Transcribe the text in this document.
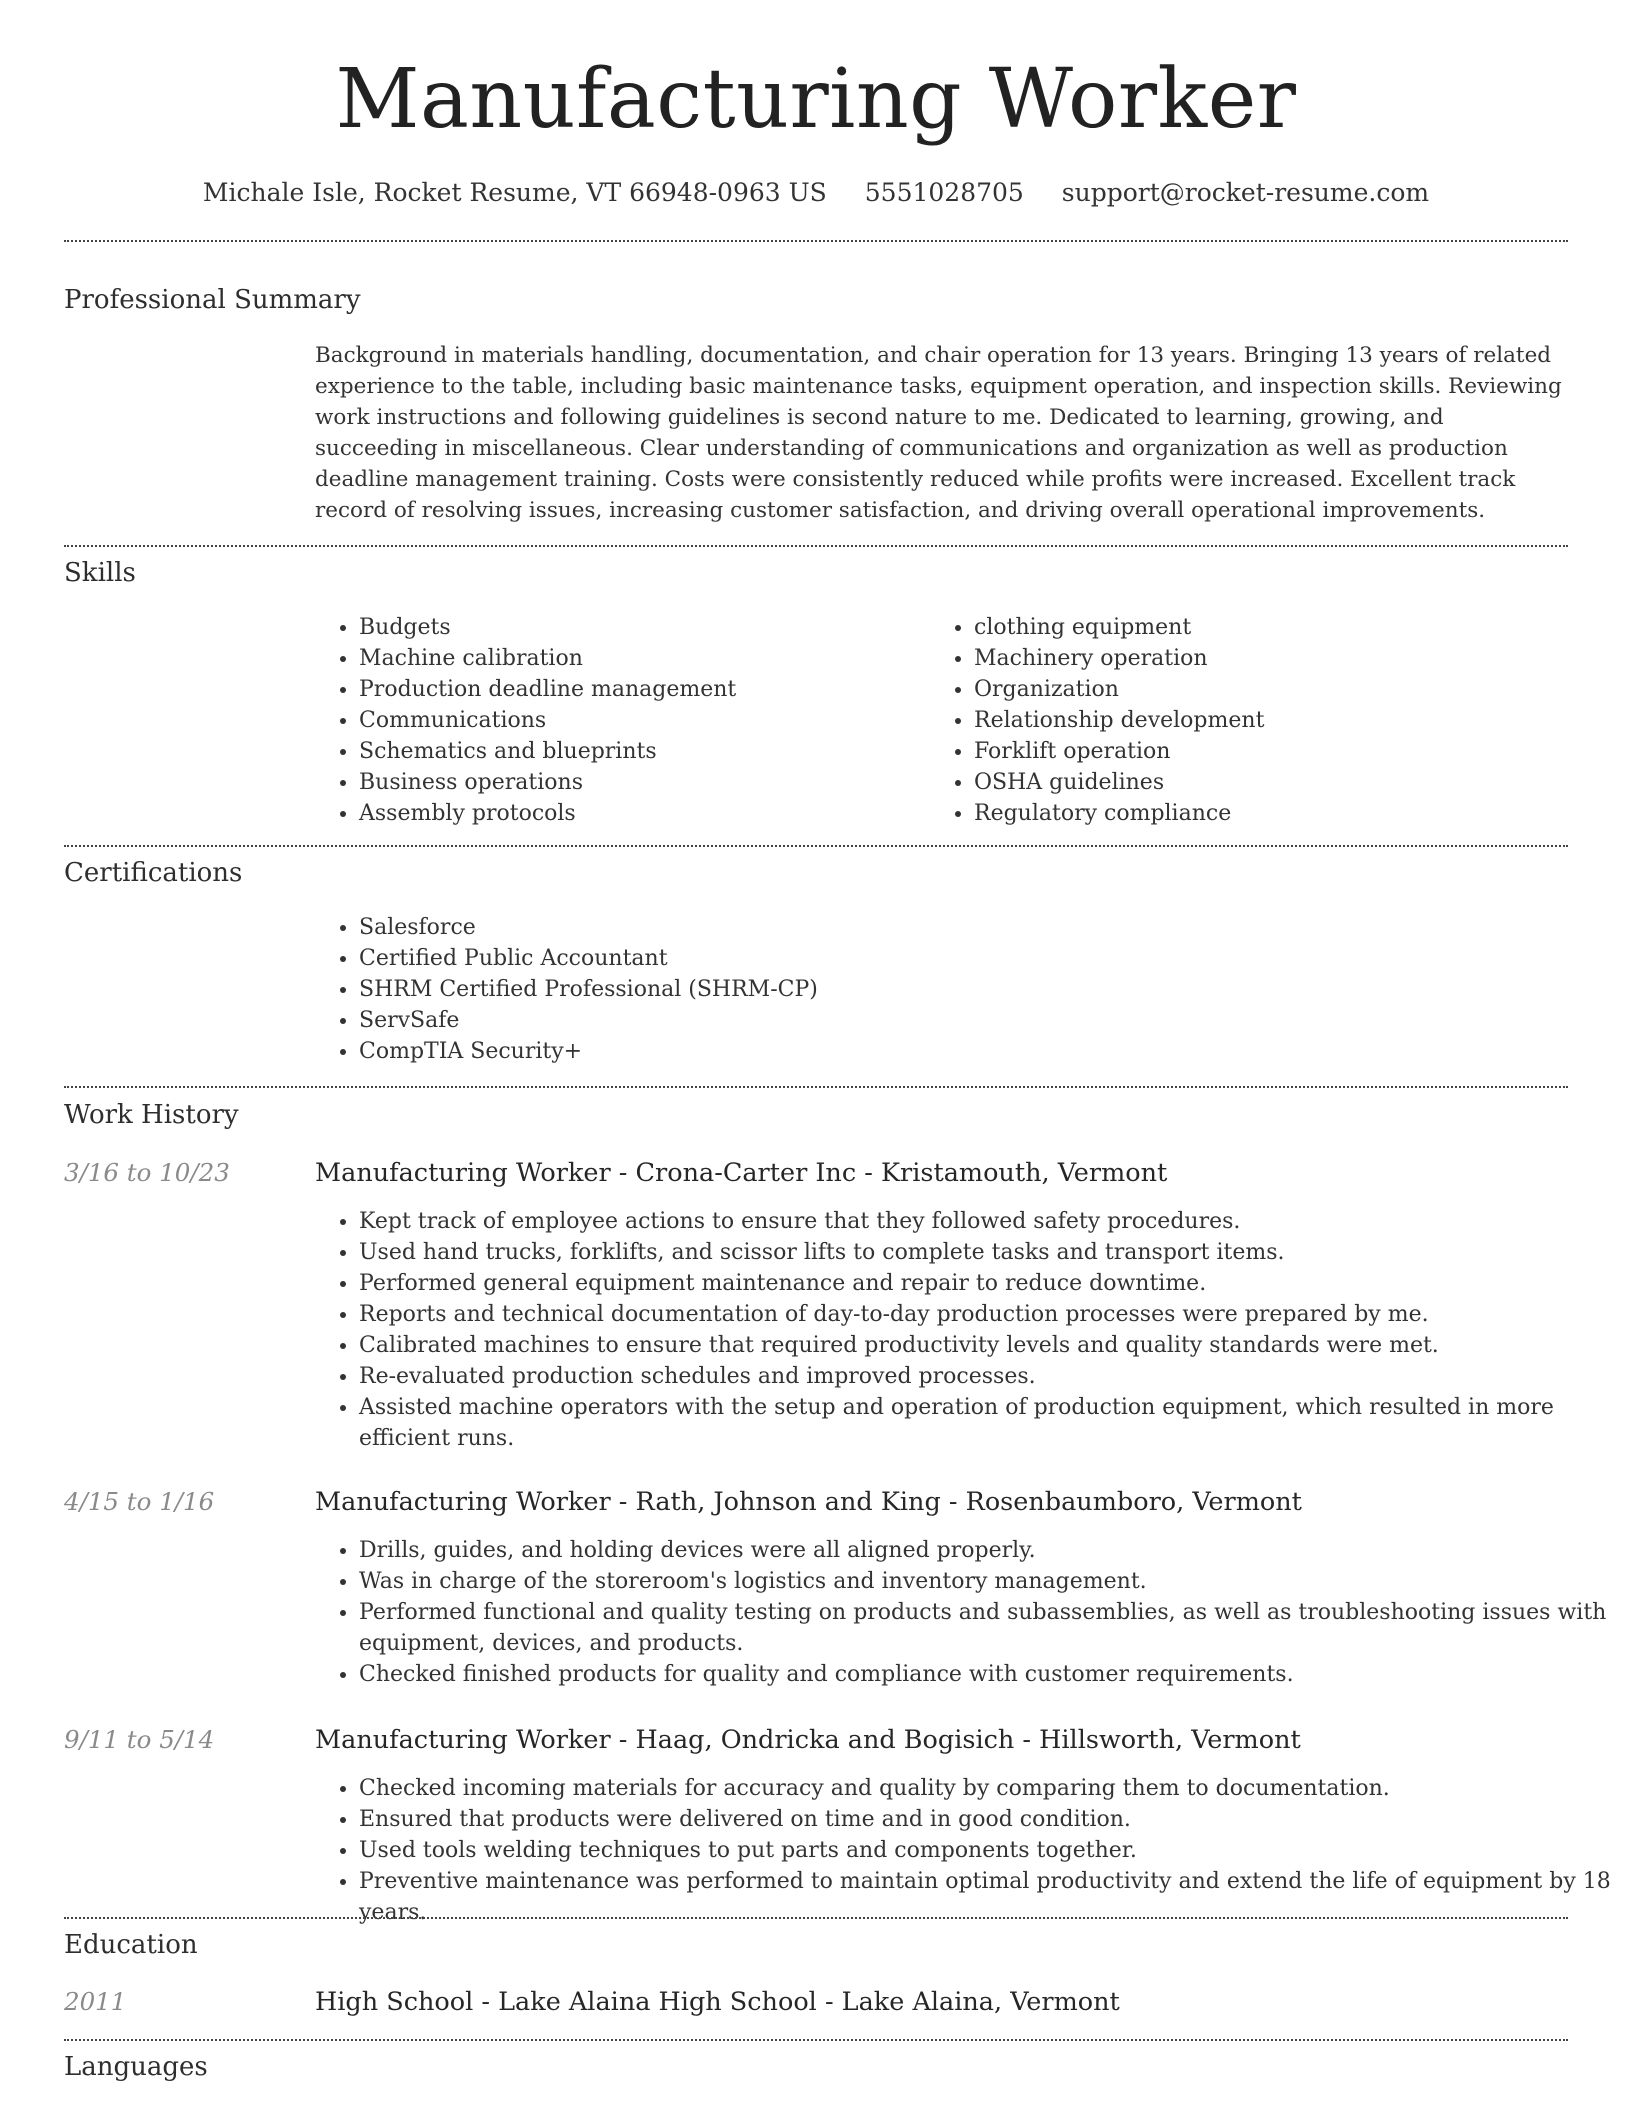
Manufacturing Worker
Michale Isle, Rocket Resume, VT 66948-0963 US 5551028705 support@rocket-resume.com
Professional Summary

Background in materials handling, documentation, and chair operation for 13 years. Bringing 13 years of related experience to the table, including basic maintenance tasks, equipment operation, and inspection skills. Reviewing work instructions and following guidelines is second nature to me. Dedicated to learning, growing, and succeeding in miscellaneous. Clear understanding of communications and organization as well as production deadline management training. Costs were consistently reduced while profits were increased. Excellent track record of resolving issues, increasing customer satisfaction, and driving overall operational improvements.

Skills
• Budgets
• Machine calibration
• Production deadline management
• Communications
• Schematics and blueprints
• Business operations
• Assembly protocols
• clothing equipment
• Machinery operation
• Organization
• Relationship development
• Forklift operation
• OSHA guidelines
• Regulatory compliance
Certifications
• Salesforce
• Certified Public Accountant
• SHRM Certified Professional (SHRM-CP)
• ServSafe
• CompTIA Security+
Work History
3/16 to 10/23	Manufacturing Worker - Crona-Carter Inc - Kristamouth, Vermont
• Kept track of employee actions to ensure that they followed safety procedures.
• Used hand trucks, forklifts, and scissor lifts to complete tasks and transport items.
• Performed general equipment maintenance and repair to reduce downtime.
• Reports and technical documentation of day-to-day production processes were prepared by me.
• Calibrated machines to ensure that required productivity levels and quality standards were met.
• Re-evaluated production schedules and improved processes.
• Assisted machine operators with the setup and operation of production equipment, which resulted in more efficient runs.
4/15 to 1/16	Manufacturing Worker - Rath, Johnson and King - Rosenbaumboro, Vermont
• Drills, guides, and holding devices were all aligned properly.
• Was in charge of the storeroom's logistics and inventory management.
• Performed functional and quality testing on products and subassemblies, as well as troubleshooting issues with equipment, devices, and products.
• Checked finished products for quality and compliance with customer requirements.
9/11 to 5/14	Manufacturing Worker - Haag, Ondricka and Bogisich - Hillsworth, Vermont
• Checked incoming materials for accuracy and quality by comparing them to documentation.
• Ensured that products were delivered on time and in good condition.
• Used tools welding techniques to put parts and components together.
• Preventive maintenance was performed to maintain optimal productivity and extend the life of equipment by 18 years.
Education
2011	High School - Lake Alaina High School - Lake Alaina, Vermont
Languages
